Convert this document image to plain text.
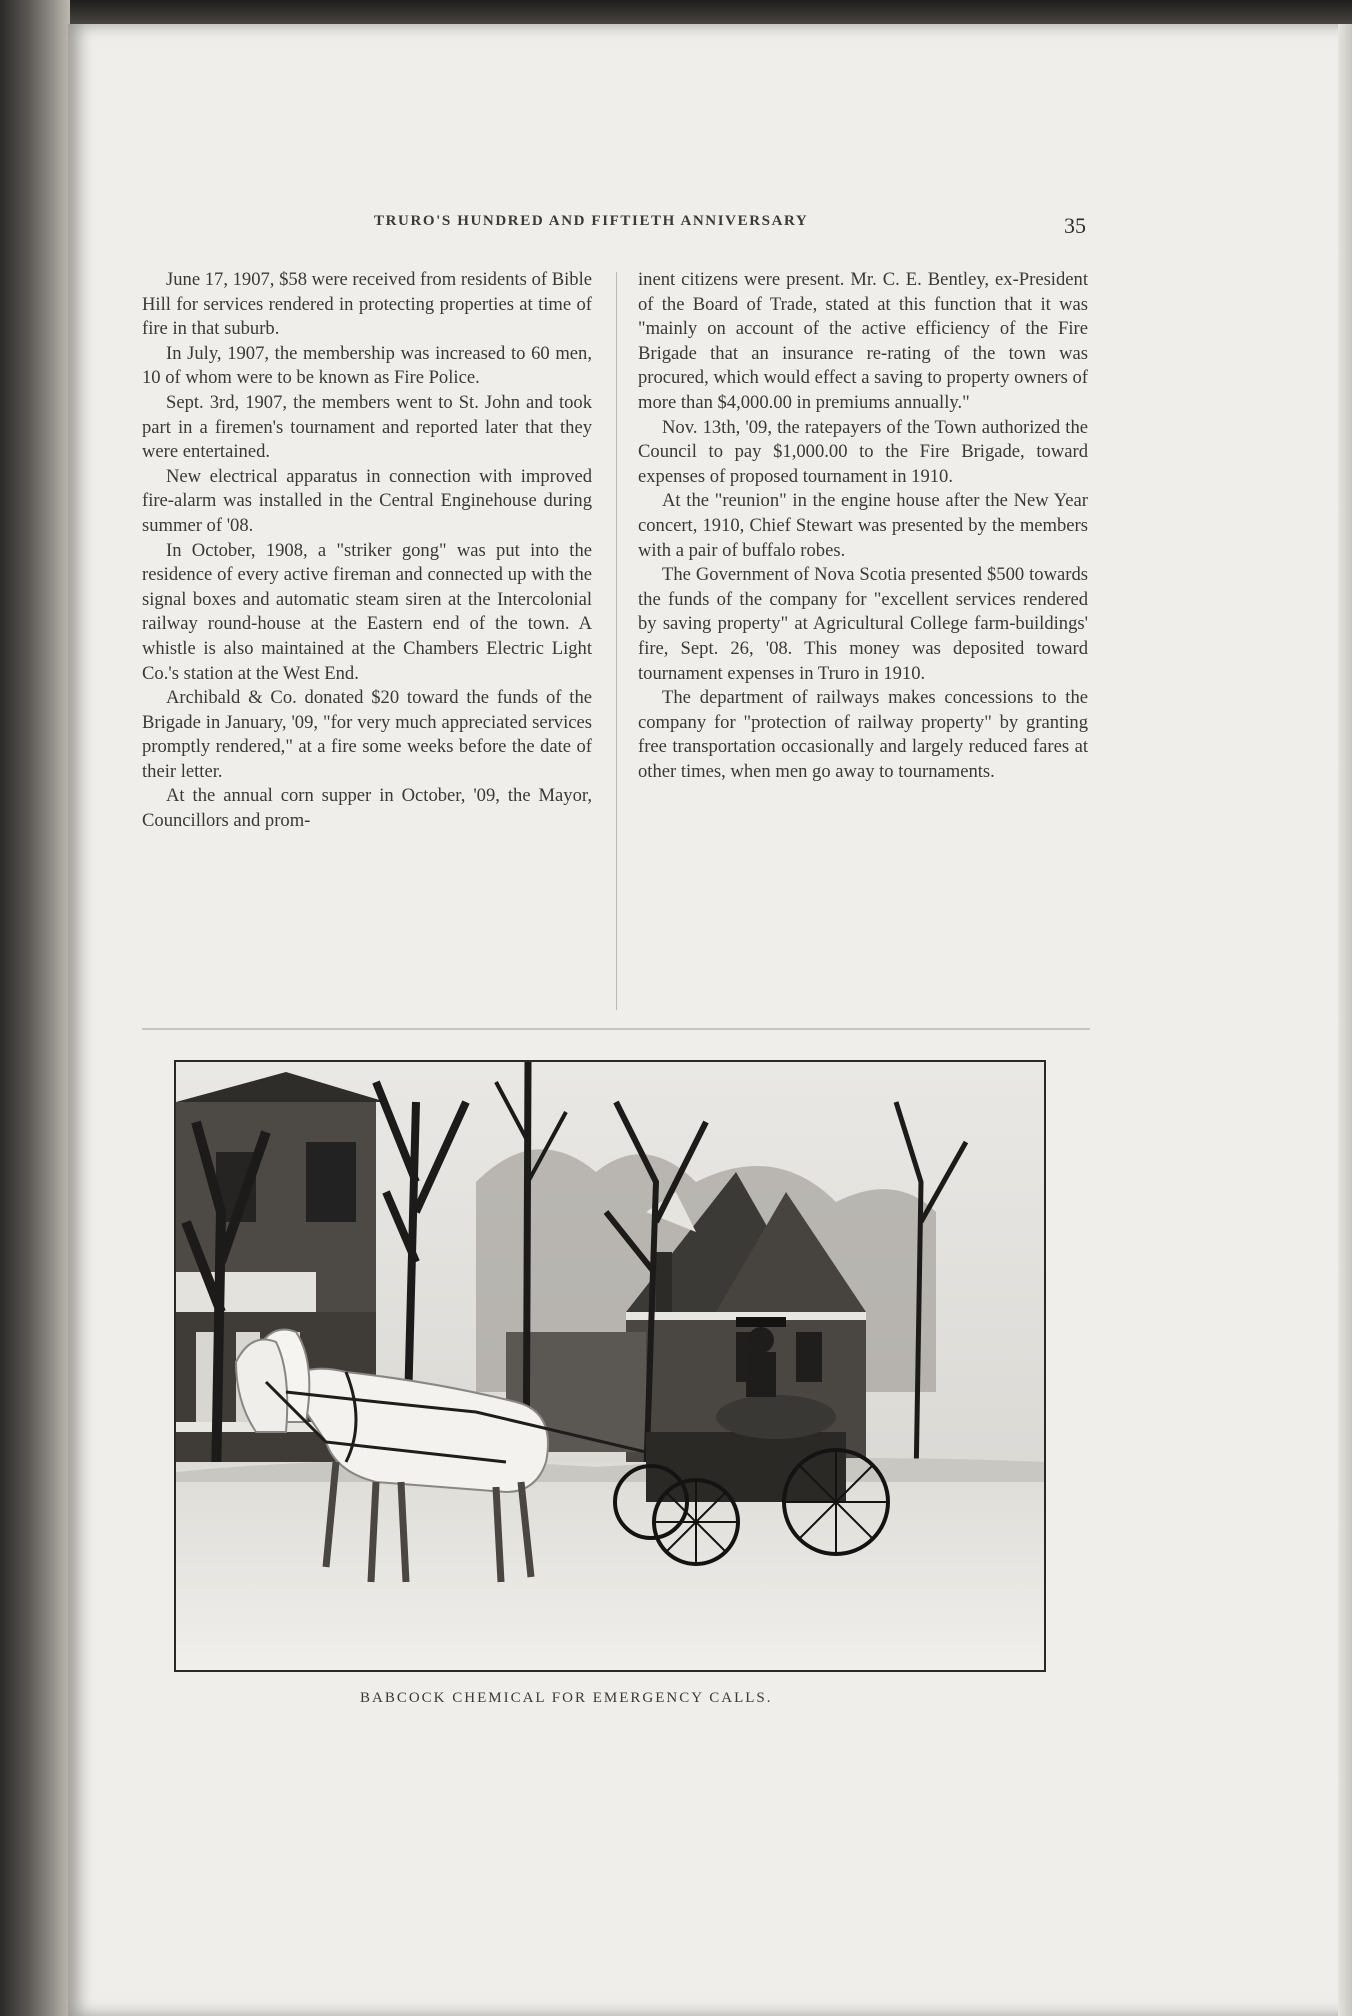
TRURO'S HUNDRED AND FIFTIETH ANNIVERSARY	35

June 17, 1907, $58 were received from residents of Bible Hill for services rendered in protecting properties at time of fire in that suburb.

In July, 1907, the membership was increased to 60 men, 10 of whom were to be known as Fire Police.

Sept. 3rd, 1907, the members went to St. John and took part in a firemen's tournament and reported later that they were entertained.

New electrical apparatus in connection with improved fire-alarm was installed in the Central Enginehouse during summer of '08.

In October, 1908, a "striker gong" was put into the residence of every active fireman and connected up with the signal boxes and automatic steam siren at the Intercolonial railway round-house at the Eastern end of the town. A whistle is also maintained at the Chambers Electric Light Co.'s station at the West End.

Archibald & Co. donated $20 toward the funds of the Brigade in January, '09, "for very much appreciated services promptly rendered," at a fire some weeks before the date of their letter.

At the annual corn supper in October, '09, the Mayor, Councillors and prom-

inent citizens were present. Mr. C. E. Bentley, ex-President of the Board of Trade, stated at this function that it was "mainly on account of the active efficiency of the Fire Brigade that an insurance re-rating of the town was procured, which would effect a saving to property owners of more than $4,000.00 in premiums annually."

Nov. 13th, '09, the ratepayers of the Town authorized the Council to pay $1,000.00 to the Fire Brigade, toward expenses of proposed tournament in 1910.

At the "reunion" in the engine house after the New Year concert, 1910, Chief Stewart was presented by the members with a pair of buffalo robes.

The Government of Nova Scotia presented $500 towards the funds of the company for "excellent services rendered by saving property" at Agricultural College farm-buildings' fire, Sept. 26, '08. This money was deposited toward tournament expenses in Truro in 1910.

The department of railways makes concessions to the company for "protection of railway property" by granting free transportation occasionally and largely reduced fares at other times, when men go away to tournaments.

BABCOCK CHEMICAL FOR EMERGENCY CALLS.
